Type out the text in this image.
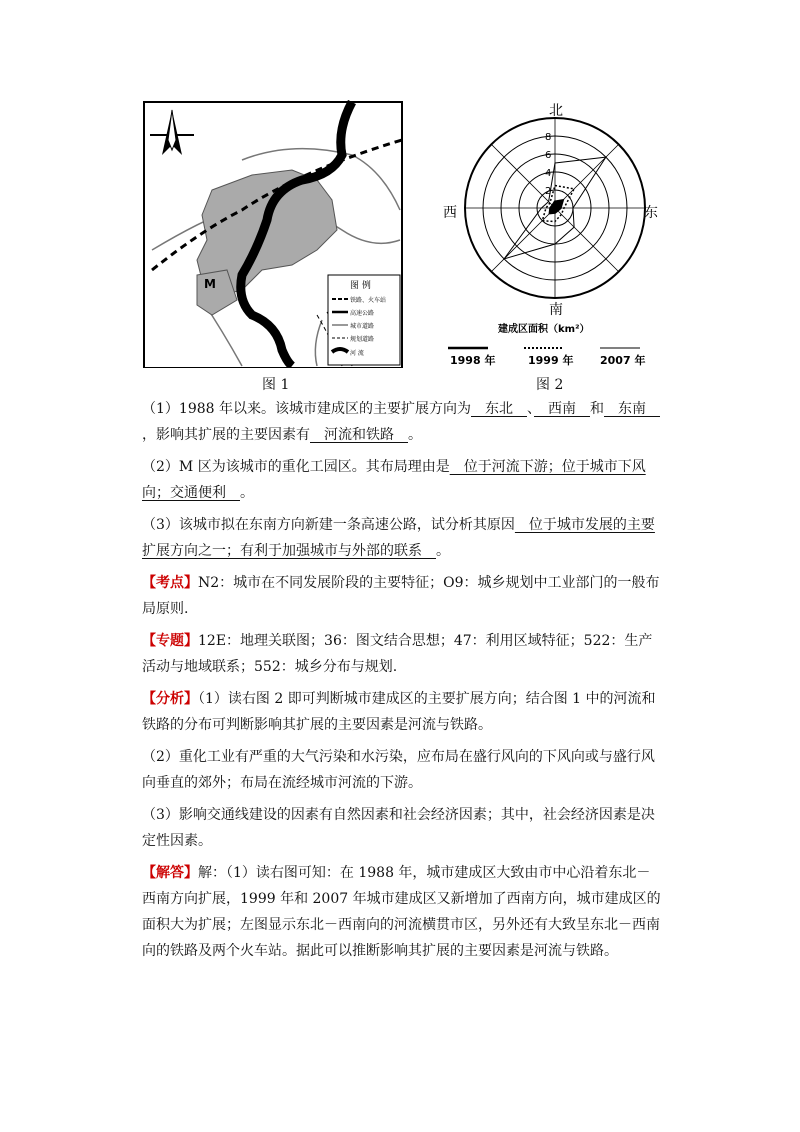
M	图 例
铁路、火车站
高速公路
城市道路
规划道路
河 流
图 1
北
南
西	东
2
4
6
8
建成区面积（km²）
1998 年	1999 年 2007 年
图 2

（1）1988 年以来。该城市建成区的主要扩展方向为　东北　、　西南　和　东南　，影响其扩展的主要因素有　河流和铁路　。

（2）M 区为该城市的重化工园区。其布局理由是　位于河流下游；位于城市下风向；交通便利　。

（3）该城市拟在东南方向新建一条高速公路，试分析其原因　位于城市发展的主要扩展方向之一；有利于加强城市与外部的联系　。

【考点】N2：城市在不同发展阶段的主要特征；O9：城乡规划中工业部门的一般布局原则.

【专题】12E：地理关联图；36：图文结合思想；47：利用区域特征；522：生产活动与地域联系；552：城乡分布与规划.

【分析】（1）读右图 2 即可判断城市建成区的主要扩展方向；结合图 1 中的河流和铁路的分布可判断影响其扩展的主要因素是河流与铁路。

（2）重化工业有严重的大气污染和水污染，应布局在盛行风向的下风向或与盛行风向垂直的郊外；布局在流经城市河流的下游。

（3）影响交通线建设的因素有自然因素和社会经济因素；其中，社会经济因素是决定性因素。

【解答】解：（1）读右图可知：在 1988 年，城市建成区大致由市中心沿着东北－西南方向扩展，1999 年和 2007 年城市建成区又新增加了西南方向，城市建成区的面积大为扩展；左图显示东北－西南向的河流横贯市区，另外还有大致呈东北－西南向的铁路及两个火车站。据此可以推断影响其扩展的主要因素是河流与铁路。
